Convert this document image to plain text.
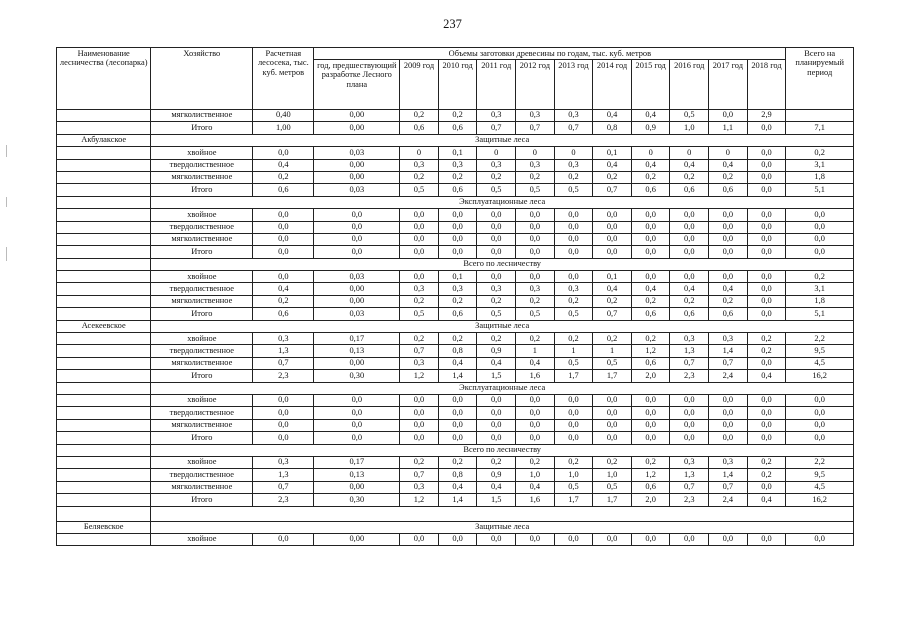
237
Наименование лесничества (лесопарка)	Хозяйство	Расчетная лесосека, тыс. куб. метров	Объемы заготовки древесины по годам, тыс. куб. метров											Всего на планируемый период
			год, предшествующий разработке Лесного плана	2009 год	2010 год	2011 год	2012 год	2013 год	2014 год	2015 год	2016 год	2017 год	2018 год	
	мягколиственное	0,40	0,00	0,2	0,2	0,3	0,3	0,3	0,4	0,4	0,5	0,0	2,9	
	Итого	1,00	0,00	0,6	0,6	0,7	0,7	0,7	0,8	0,9	1,0	1,1	0,0	7,1
Акбулакское	Защитные леса													
	хвойное	0,0	0,03	0	0,1	0	0	0	0,1	0	0	0	0,0	0,2
	твердолиственное	0,4	0,00	0,3	0,3	0,3	0,3	0,3	0,4	0,4	0,4	0,4	0,0	3,1
	мягколиственное	0,2	0,00	0,2	0,2	0,2	0,2	0,2	0,2	0,2	0,2	0,2	0,0	1,8
	Итого	0,6	0,03	0,5	0,6	0,5	0,5	0,5	0,7	0,6	0,6	0,6	0,0	5,1
	Эксплуатационные леса													
	хвойное	0,0	0,0	0,0	0,0	0,0	0,0	0,0	0,0	0,0	0,0	0,0	0,0	0,0
	твердолиственное	0,0	0,0	0,0	0,0	0,0	0,0	0,0	0,0	0,0	0,0	0,0	0,0	0,0
	мягколиственное	0,0	0,0	0,0	0,0	0,0	0,0	0,0	0,0	0,0	0,0	0,0	0,0	0,0
	Итого	0,0	0,0	0,0	0,0	0,0	0,0	0,0	0,0	0,0	0,0	0,0	0,0	0,0
	Всего по лесничеству													
	хвойное	0,0	0,03	0,0	0,1	0,0	0,0	0,0	0,1	0,0	0,0	0,0	0,0	0,2
	твердолиственное	0,4	0,00	0,3	0,3	0,3	0,3	0,3	0,4	0,4	0,4	0,4	0,0	3,1
	мягколиственное	0,2	0,00	0,2	0,2	0,2	0,2	0,2	0,2	0,2	0,2	0,2	0,0	1,8
	Итого	0,6	0,03	0,5	0,6	0,5	0,5	0,5	0,7	0,6	0,6	0,6	0,0	5,1
Асекеевское	Защитные леса													
	хвойное	0,3	0,17	0,2	0,2	0,2	0,2	0,2	0,2	0,2	0,3	0,3	0,2	2,2
	твердолиственное	1,3	0,13	0,7	0,8	0,9	1	1	1	1,2	1,3	1,4	0,2	9,5
	мягколиственное	0,7	0,00	0,3	0,4	0,4	0,4	0,5	0,5	0,6	0,7	0,7	0,0	4,5
	Итого	2,3	0,30	1,2	1,4	1,5	1,6	1,7	1,7	2,0	2,3	2,4	0,4	16,2
	Эксплуатационные леса													
	хвойное	0,0	0,0	0,0	0,0	0,0	0,0	0,0	0,0	0,0	0,0	0,0	0,0	0,0
	твердолиственное	0,0	0,0	0,0	0,0	0,0	0,0	0,0	0,0	0,0	0,0	0,0	0,0	0,0
	мягколиственное	0,0	0,0	0,0	0,0	0,0	0,0	0,0	0,0	0,0	0,0	0,0	0,0	0,0
	Итого	0,0	0,0	0,0	0,0	0,0	0,0	0,0	0,0	0,0	0,0	0,0	0,0	0,0
	Всего по лесничеству													
	хвойное	0,3	0,17	0,2	0,2	0,2	0,2	0,2	0,2	0,2	0,3	0,3	0,2	2,2
	твердолиственное	1,3	0,13	0,7	0,8	0,9	1,0	1,0	1,0	1,2	1,3	1,4	0,2	9,5
	мягколиственное	0,7	0,00	0,3	0,4	0,4	0,4	0,5	0,5	0,6	0,7	0,7	0,0	4,5
	Итого	2,3	0,30	1,2	1,4	1,5	1,6	1,7	1,7	2,0	2,3	2,4	0,4	16,2

Беляевское	Защитные леса													
	хвойное	0,0	0,00	0,0	0,0	0,0	0,0	0,0	0,0	0,0	0,0	0,0	0,0	0,0
